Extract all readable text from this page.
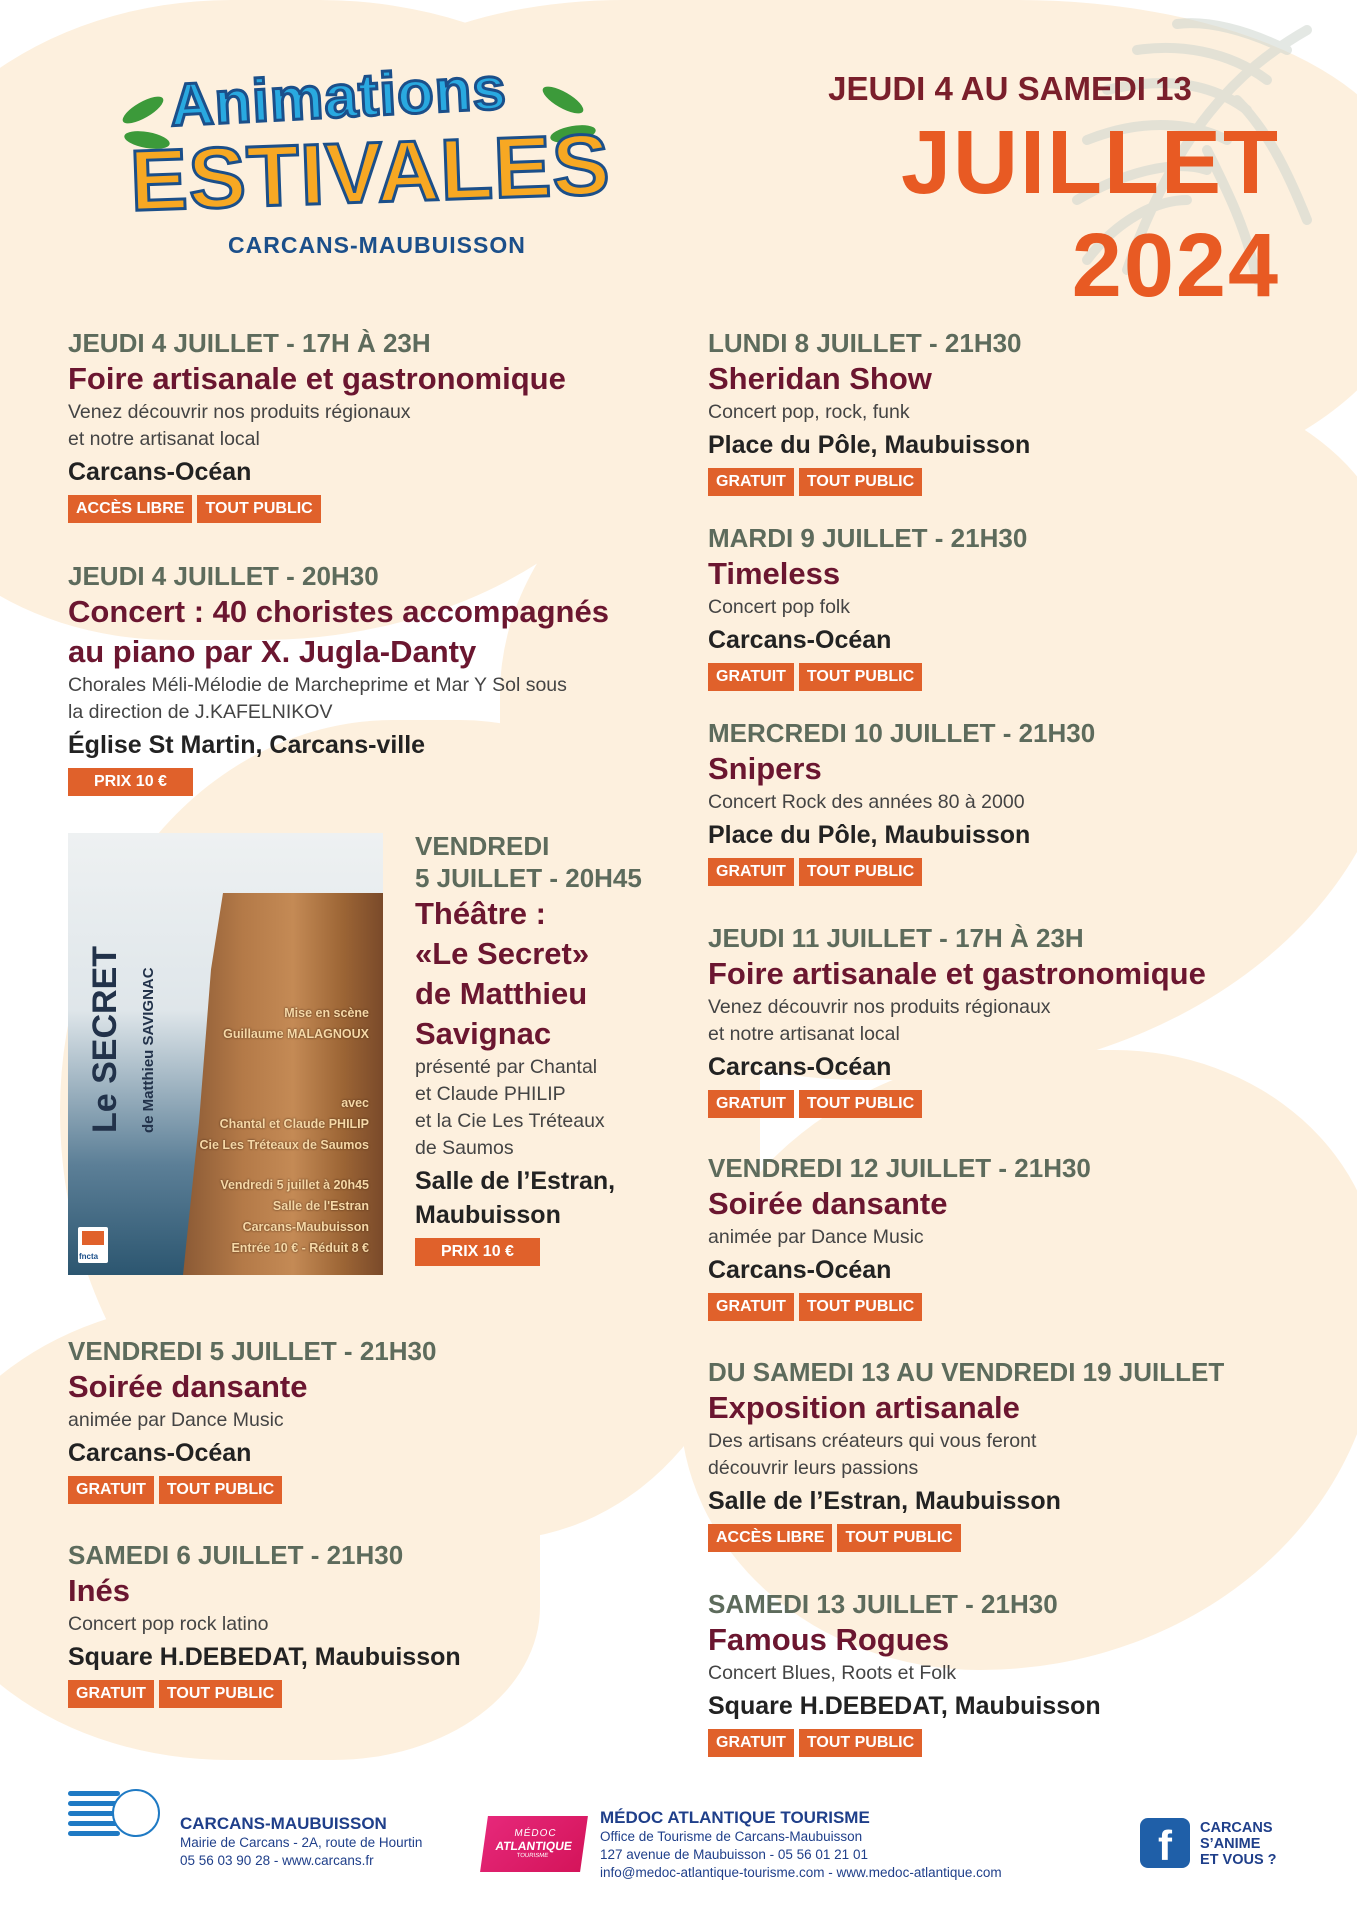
Animations
ESTIVALES
CARCANS-MAUBUISSON
JEUDI 4 AU SAMEDI 13
JUILLET 2024
JEUDI 4 JUILLET - 17H À 23H
Foire artisanale et gastronomique
Venez découvrir nos produits régionaux
et notre artisanat local
Carcans-Océan
ACCÈS LIBRE	TOUT PUBLIC
JEUDI 4 JUILLET - 20H30
Concert : 40 choristes accompagnés
au piano par X. Jugla-Danty
Chorales Méli-Mélodie de Marcheprime et Mar Y Sol sous
la direction de J.KAFELNIKOV
Église St Martin, Carcans-ville
PRIX 10 €
Le SECRET de Matthieu SAVIGNAC	Mise en scène
Guillaume MALAGNOUX
avec
Chantal et Claude PHILIP
Cie Les Tréteaux de Saumos
Vendredi 5 juillet à 20h45
Salle de l'Estran
Carcans-Maubuisson
Entrée 10 € - Réduit 8 €
fncta
VENDREDI
5 JUILLET - 20H45
Théâtre :
«Le Secret»
de Matthieu
Savignac
présenté par Chantal
et Claude PHILIP
et la Cie Les Tréteaux
de Saumos
Salle de l’Estran,
Maubuisson
PRIX 10 €
VENDREDI 5 JUILLET - 21H30
Soirée dansante
animée par Dance Music
Carcans-Océan
GRATUIT	TOUT PUBLIC
SAMEDI 6 JUILLET - 21H30
Inés
Concert pop rock latino
Square H.DEBEDAT, Maubuisson
GRATUIT	TOUT PUBLIC
LUNDI 8 JUILLET - 21H30
Sheridan Show
Concert pop, rock, funk
Place du Pôle, Maubuisson
GRATUIT	TOUT PUBLIC
MARDI 9 JUILLET - 21H30
Timeless
Concert pop folk
Carcans-Océan
GRATUIT	TOUT PUBLIC
MERCREDI 10 JUILLET - 21H30
Snipers
Concert Rock des années 80 à 2000
Place du Pôle, Maubuisson
GRATUIT	TOUT PUBLIC
JEUDI 11 JUILLET - 17H À 23H
Foire artisanale et gastronomique
Venez découvrir nos produits régionaux
et notre artisanat local
Carcans-Océan
GRATUIT	TOUT PUBLIC
VENDREDI 12 JUILLET - 21H30
Soirée dansante
animée par Dance Music
Carcans-Océan
GRATUIT	TOUT PUBLIC
DU SAMEDI 13 AU VENDREDI 19 JUILLET
Exposition artisanale
Des artisans créateurs qui vous feront
découvrir leurs passions
Salle de l’Estran, Maubuisson
ACCÈS LIBRE	TOUT PUBLIC
SAMEDI 13 JUILLET - 21H30
Famous Rogues
Concert Blues, Roots et Folk
Square H.DEBEDAT, Maubuisson
GRATUIT	TOUT PUBLIC
CARCANS-MAUBUISSON
Mairie de Carcans - 2A, route de Hourtin
05 56 03 90 28 - www.carcans.fr
MÉDOC
ATLANTIQUE
TOURISME
MÉDOC ATLANTIQUE TOURISME
Office de Tourisme de Carcans-Maubuisson
127 avenue de Maubuisson - 05 56 01 21 01
info@medoc-atlantique-tourisme.com - www.medoc-atlantique.com
f	CARCANS
S’ANIME
ET VOUS ?
